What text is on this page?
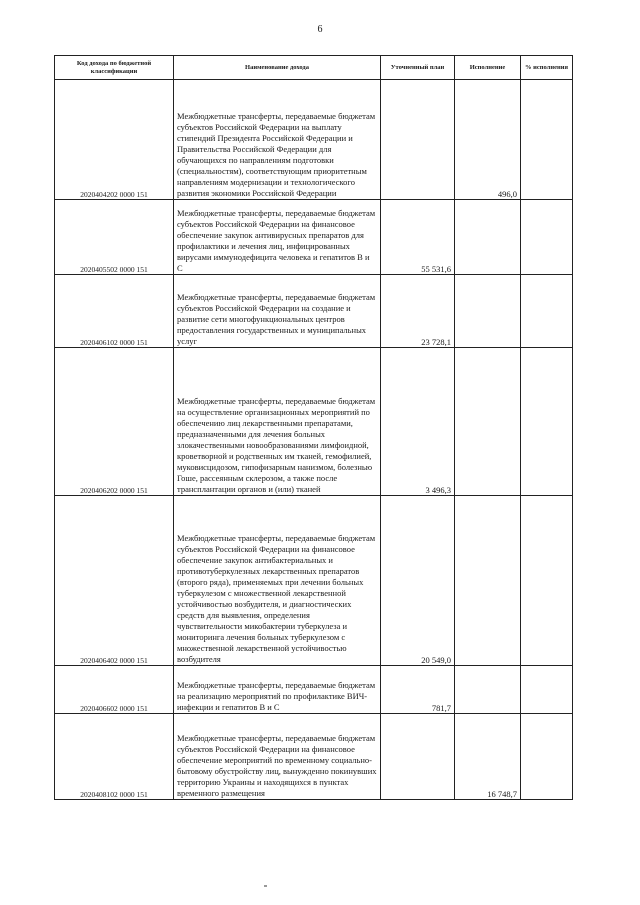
6
Код дохода по бюджетной классификации	Наименование дохода	Уточненный план	Исполнение	% исполнения
2020404202 0000 151	Межбюджетные трансферты, передаваемые бюджетам субъектов Российской Федерации на выплату стипендий Президента Российской Федерации и Правительства Российской Федерации для обучающихся по направлениям подготовки (специальностям), соответствующим приоритетным направлениям модернизации и технологического развития экономики Российской Федерации		496,0	
2020405502 0000 151	Межбюджетные трансферты, передаваемые бюджетам субъектов Российской Федерации на финансовое обеспечение закупок антивирусных препаратов для профилактики и лечения лиц, инфицированных вирусами иммунодефицита человека и гепатитов B и C	55 531,6		
2020406102 0000 151	Межбюджетные трансферты, передаваемые бюджетам субъектов Российской Федерации на создание и развитие сети многофункциональных центров предоставления государственных и муниципальных услуг	23 728,1		
2020406202 0000 151	Межбюджетные трансферты, передаваемые бюджетам на осуществление организационных мероприятий по обеспечению лиц лекарственными препаратами, предназначенными для лечения больных злокачественными новообразованиями лимфоидной, кроветворной и родственных им тканей, гемофилией, муковисцидозом, гипофизарным нанизмом, болезнью Гоше, рассеянным склерозом, а также после трансплантации органов и (или) тканей	3 496,3		
2020406402 0000 151	Межбюджетные трансферты, передаваемые бюджетам субъектов Российской Федерации на финансовое обеспечение закупок антибактериальных и противотуберкулезных лекарственных препаратов (второго ряда), применяемых при лечении больных туберкулезом с множественной лекарственной устойчивостью возбудителя, и диагностических средств для выявления, определения чувствительности микобактерии туберкулеза и мониторинга лечения больных туберкулезом с множественной лекарственной устойчивостью возбудителя	20 549,0		
2020406602 0000 151	Межбюджетные трансферты, передаваемые бюджетам на реализацию мероприятий по профилактике ВИЧ-инфекции и гепатитов B и C	781,7		
2020408102 0000 151	Межбюджетные трансферты, передаваемые бюджетам субъектов Российской Федерации на финансовое обеспечение мероприятий по временному социально-бытовому обустройству лиц, вынужденно покинувших территорию Украины и находящихся в пунктах временного размещения		16 748,7	
